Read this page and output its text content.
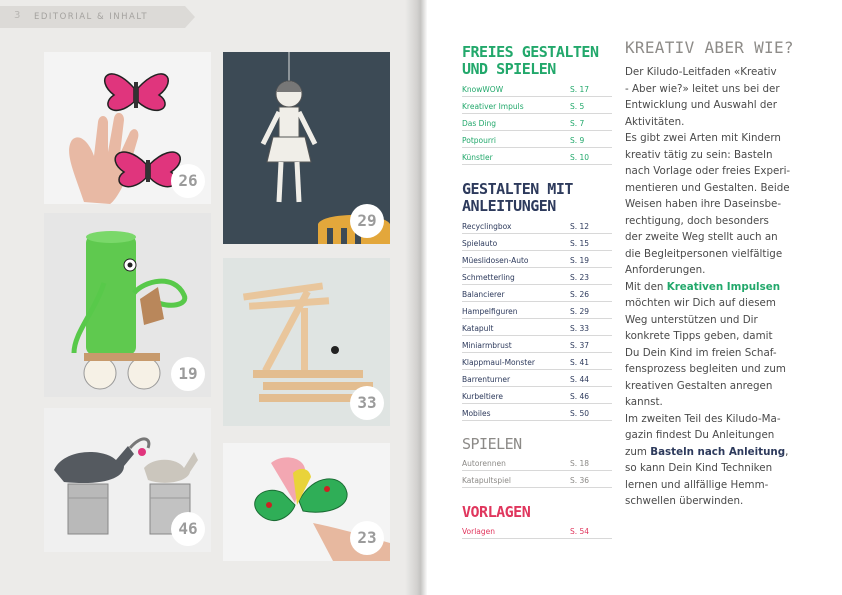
3 EDITORIAL & INHALT
26
29
19
33
46	23
FREIES GESTALTEN
UND SPIELEN
KnowWOW	S. 17
Kreativer Impuls	S. 5
Das Ding	S. 7
Potpourri	S. 9
Künstler	S. 10
GESTALTEN MIT
ANLEITUNGEN
Recyclingbox	S. 12
Spielauto	S. 15
Müeslidosen-Auto	S. 19
Schmetterling	S. 23
Balancierer	S. 26
Hampelfiguren	S. 29
Katapult	S. 33
Miniarmbrust	S. 37
Klappmaul-Monster	S. 41
Barrenturner	S. 44
Kurbeltiere	S. 46
Mobiles	S. 50
SPIELEN
Autorennen	S. 18
Katapultspiel	S. 36
VORLAGEN
Vorlagen	S. 54
KREATIV ABER WIE?
Der Kiludo-Leitfaden «Kreativ
- Aber wie?» leitet uns bei der
Entwicklung und Auswahl der
Aktivitäten.
Es gibt zwei Arten mit Kindern
kreativ tätig zu sein: Basteln
nach Vorlage oder freies Experi-
mentieren und Gestalten. Beide
Weisen haben ihre Daseinsbe-
rechtigung, doch besonders
der zweite Weg stellt auch an
die Begleitpersonen vielfältige
Anforderungen.
Mit den Kreativen Impulsen
möchten wir Dich auf diesem
Weg unterstützen und Dir
konkrete Tipps geben, damit
Du Dein Kind im freien Schaf-
fensprozess begleiten und zum
kreativen Gestalten anregen
kannst.
Im zweiten Teil des Kiludo-Ma-
gazin findest Du Anleitungen
zum Basteln nach Anleitung,
so kann Dein Kind Techniken
lernen und allfällige Hemm-
schwellen überwinden.
